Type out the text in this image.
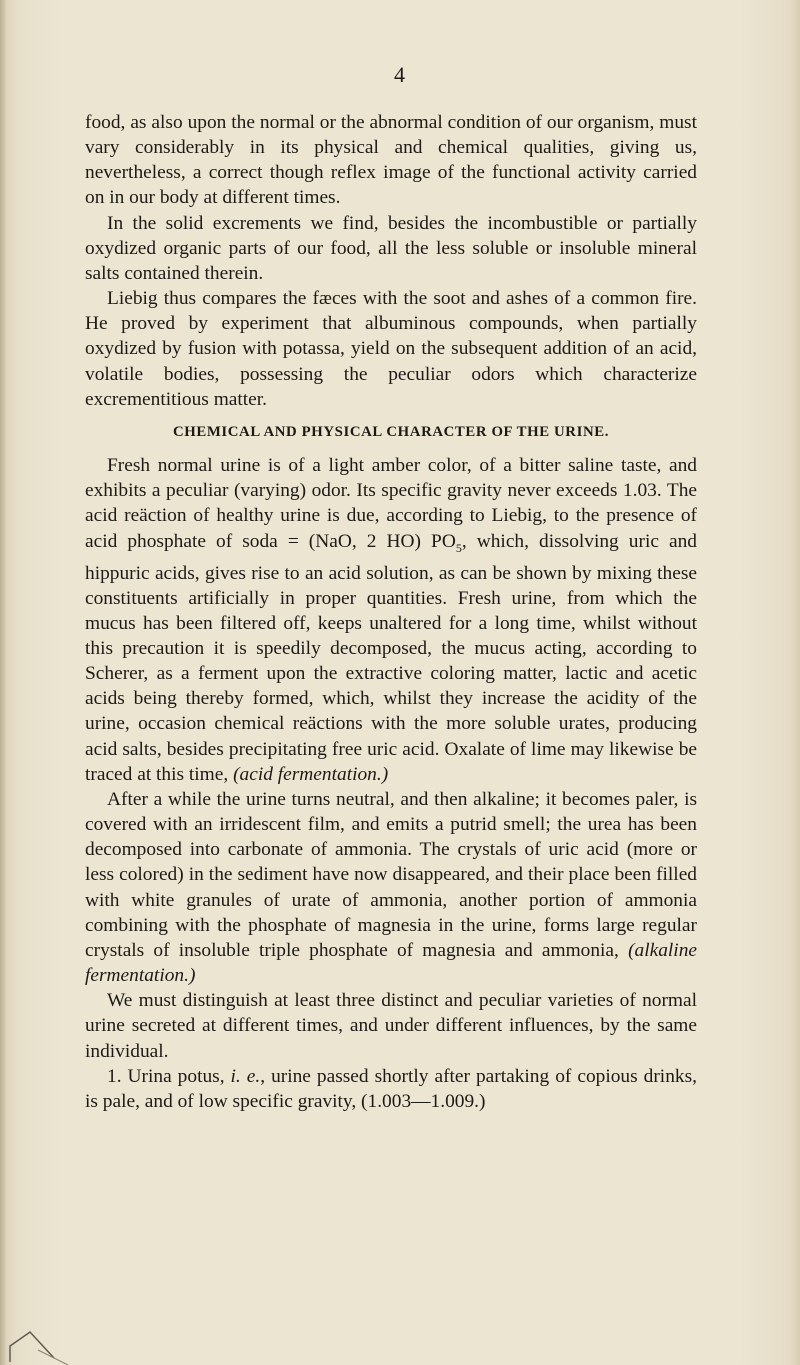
4

food, as also upon the normal or the abnormal condition of our organism, must vary considerably in its physical and chemical qualities, giving us, nevertheless, a correct though reflex image of the functional activity carried on in our body at different times.

In the solid excrements we find, besides the incombustible or partially oxydized organic parts of our food, all the less soluble or insoluble mineral salts contained therein.

Liebig thus compares the fæces with the soot and ashes of a common fire. He proved by experiment that albuminous compounds, when partially oxydized by fusion with potassa, yield on the subsequent addition of an acid, volatile bodies, possessing the peculiar odors which characterize excrementitious matter.

CHEMICAL AND PHYSICAL CHARACTER OF THE URINE.

Fresh normal urine is of a light amber color, of a bitter saline taste, and exhibits a peculiar (varying) odor. Its specific gravity never exceeds 1.03. The acid reäction of healthy urine is due, according to Liebig, to the presence of acid phosphate of soda = (NaO, 2 HO) $PO_5$, which, dissolving uric and hippuric acids, gives rise to an acid solution, as can be shown by mixing these constituents artificially in proper quantities. Fresh urine, from which the mucus has been filtered off, keeps unaltered for a long time, whilst without this precaution it is speedily decomposed, the mucus acting, according to Scherer, as a ferment upon the extractive coloring matter, lactic and acetic acids being thereby formed, which, whilst they increase the acidity of the urine, occasion chemical reäctions with the more soluble urates, producing acid salts, besides precipitating free uric acid. Oxalate of lime may likewise be traced at this time, (acid fermentation.)

After a while the urine turns neutral, and then alkaline; it becomes paler, is covered with an irridescent film, and emits a putrid smell; the urea has been decomposed into carbonate of ammonia. The crystals of uric acid (more or less colored) in the sediment have now disappeared, and their place been filled with white granules of urate of ammonia, another portion of ammonia combining with the phosphate of magnesia in the urine, forms large regular crystals of insoluble triple phosphate of magnesia and ammonia, (alkaline fermentation.)

We must distinguish at least three distinct and peculiar varieties of normal urine secreted at different times, and under different influences, by the same individual.

1. Urina potus, i. e., urine passed shortly after partaking of copious drinks, is pale, and of low specific gravity, (1.003—1.009.)
